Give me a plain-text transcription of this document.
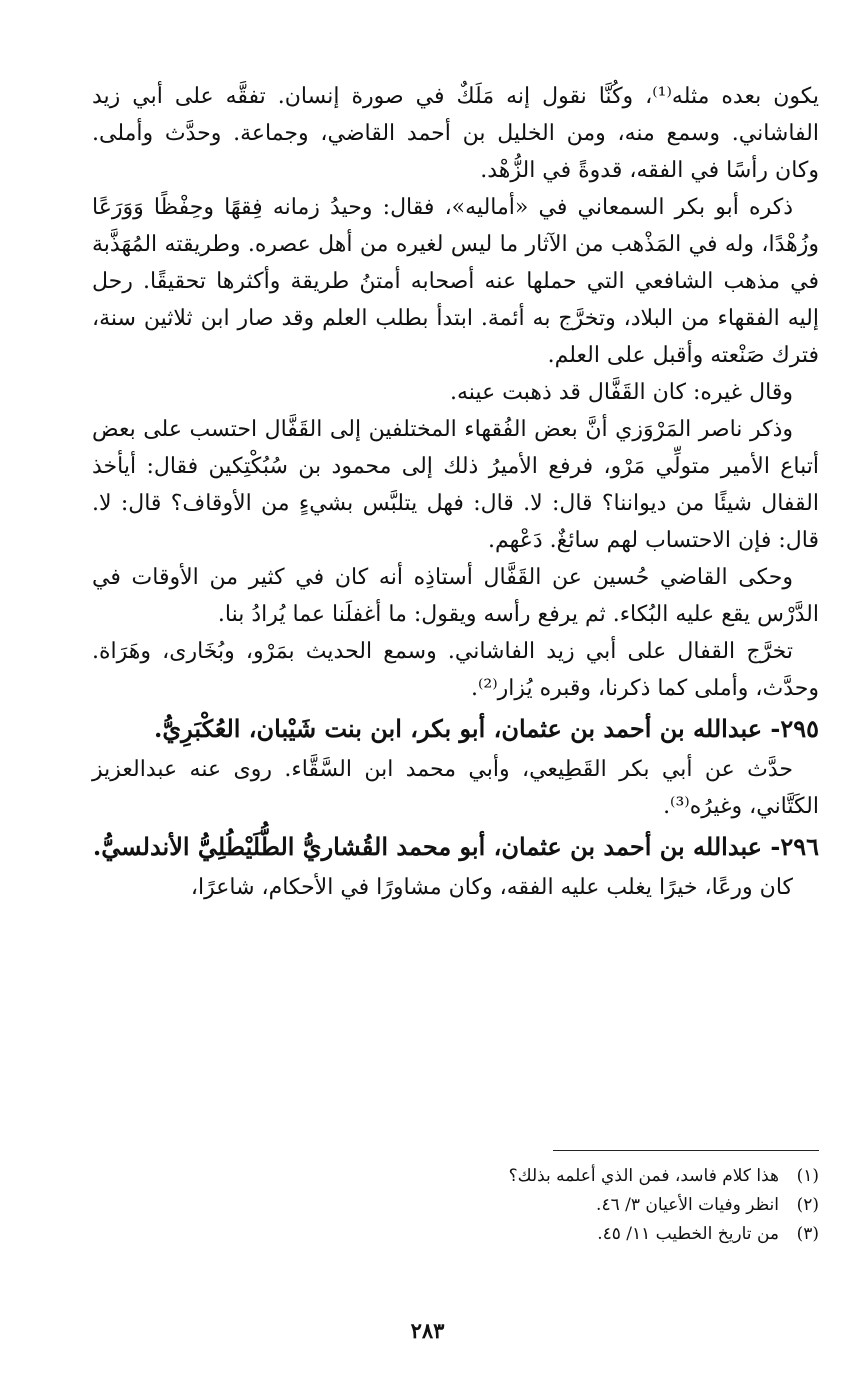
يكون بعده مثله⁽¹⁾، وكُنَّا نقول إنه مَلَكٌ في صورة إنسان. تفقَّه على أبي زيد الفاشاني. وسمع منه، ومن الخليل بن أحمد القاضي، وجماعة. وحدَّث وأملى. وكان رأسًا في الفقه، قدوةً في الزُّهْد.

ذكره أبو بكر السمعاني في «أماليه»، فقال: وحيدُ زمانه فِقهًا وحِفْظًا وَوَرَعًا وزُهْدًا، وله في المَذْهب من الآثار ما ليس لغيره من أهل عصره. وطريقته المُهَذَّبة في مذهب الشافعي التي حملها عنه أصحابه أمتنُ طريقة وأكثرها تحقيقًا. رحل إليه الفقهاء من البلاد، وتخرَّج به أئمة. ابتدأ بطلب العلم وقد صار ابن ثلاثين سنة، فترك صَنْعته وأقبل على العلم.

وقال غيره: كان القَفَّال قد ذهبت عينه.

وذكر ناصر المَرْوَزي أنَّ بعض الفُقهاء المختلفين إلى القَفَّال احتسب على بعض أتباع الأمير متولِّي مَرْو، فرفع الأميرُ ذلك إلى محمود بن سُبُكْتِكين فقال: أيأخذ القفال شيئًا من ديواننا؟ قال: لا. قال: فهل يتلبَّس بشيءٍ من الأوقاف؟ قال: لا. قال: فإن الاحتساب لهم سائغٌ. دَعْهم.

وحكى القاضي حُسين عن القَفَّال أستاذِه أنه كان في كثير من الأوقات في الدَّرْس يقع عليه البُكاء. ثم يرفع رأسه ويقول: ما أغفلَنا عما يُرادُ بنا.

تخرَّج القفال على أبي زيد الفاشاني. وسمع الحديث بمَرْو، وبُخَارى، وهَرَاة. وحدَّث، وأملى كما ذكرنا، وقبره يُزار⁽²⁾.

٢٩٥- عبدالله بن أحمد بن عثمان، أبو بكر، ابن بنت شَيْبان، العُكْبَرِيُّ.

حدَّث عن أبي بكر القَطِيعي، وأبي محمد ابن السَّقَّاء. روى عنه عبدالعزيز الكَتَّاني، وغيرُه⁽³⁾.

٢٩٦- عبدالله بن أحمد بن عثمان، أبو محمد القُشاريُّ الطُّلَيْطُلِيُّ الأندلسيُّ.

كان ورعًا، خيرًا يغلب عليه الفقه، وكان مشاورًا في الأحكام، شاعرًا،

(١)
هذا كلام فاسد، فمن الذي أعلمه بذلك؟
(٢)
انظر وفيات الأعيان ٣/ ٤٦.
(٣)
من تاريخ الخطيب ١١/ ٤٥.
٢٨٣
